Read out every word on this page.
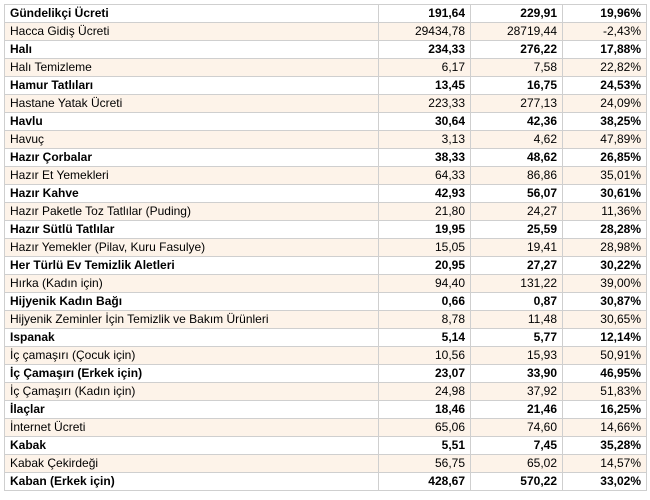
Gündelikçi Ücreti	191,64	229,91	19,96%
Hacca Gidiş Ücreti	29434,78	28719,44	-2,43%
Halı	234,33	276,22	17,88%
Halı Temizleme	6,17	7,58	22,82%
Hamur Tatlıları	13,45	16,75	24,53%
Hastane Yatak Ücreti	223,33	277,13	24,09%
Havlu	30,64	42,36	38,25%
Havuç	3,13	4,62	47,89%
Hazır Çorbalar	38,33	48,62	26,85%
Hazır Et Yemekleri	64,33	86,86	35,01%
Hazır Kahve	42,93	56,07	30,61%
Hazır Paketle Toz Tatlılar (Puding)	21,80	24,27	11,36%
Hazır Sütlü Tatlılar	19,95	25,59	28,28%
Hazır Yemekler (Pilav, Kuru Fasulye)	15,05	19,41	28,98%
Her Türlü Ev Temizlik Aletleri	20,95	27,27	30,22%
Hırka (Kadın için)	94,40	131,22	39,00%
Hijyenik Kadın Bağı	0,66	0,87	30,87%
Hijyenik Zeminler İçin Temizlik ve Bakım Ürünleri	8,78	11,48	30,65%
Ispanak	5,14	5,77	12,14%
İç çamaşırı (Çocuk için)	10,56	15,93	50,91%
İç Çamaşırı (Erkek için)	23,07	33,90	46,95%
İç Çamaşırı (Kadın için)	24,98	37,92	51,83%
İlaçlar	18,46	21,46	16,25%
İnternet Ücreti	65,06	74,60	14,66%
Kabak	5,51	7,45	35,28%
Kabak Çekirdeği	56,75	65,02	14,57%
Kaban (Erkek için)	428,67	570,22	33,02%
